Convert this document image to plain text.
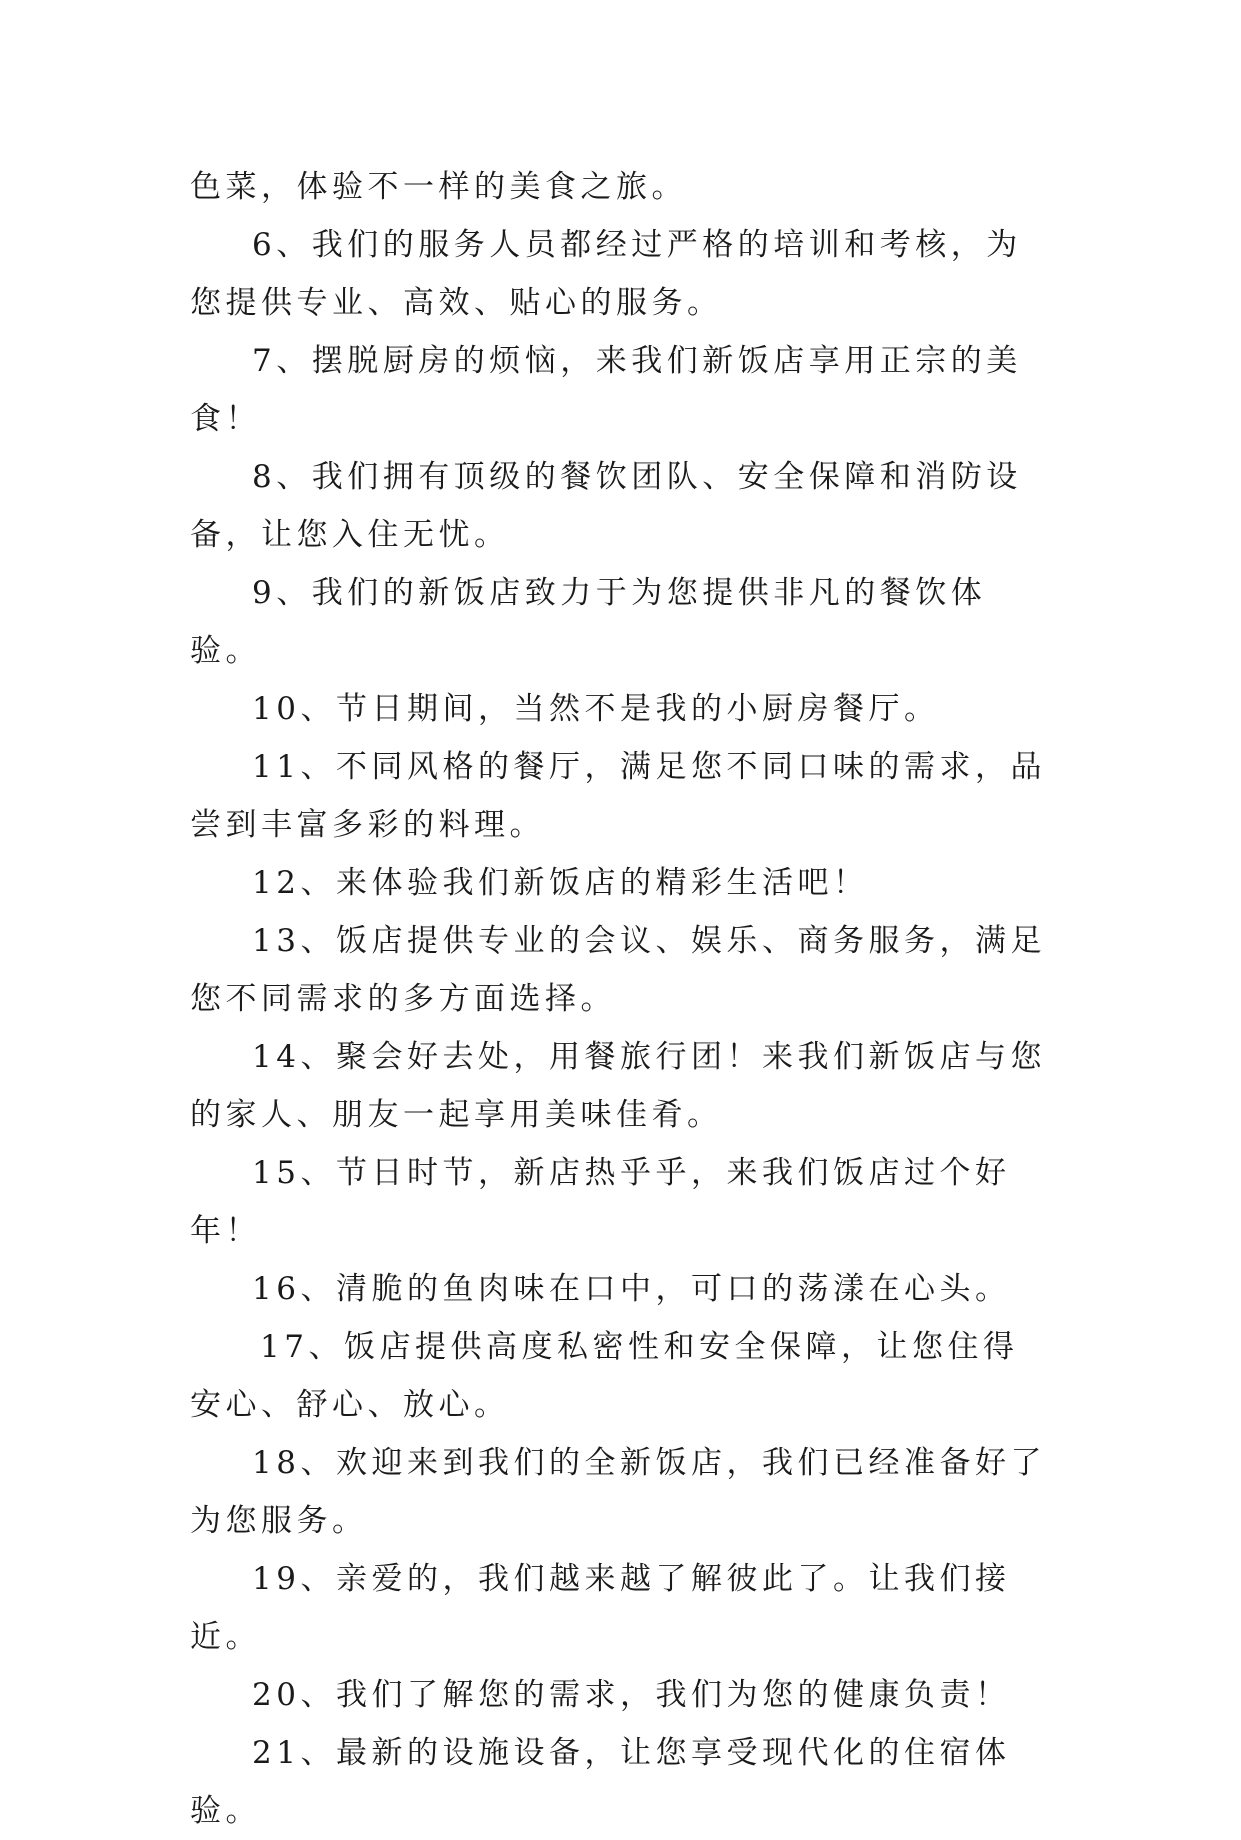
色菜，体验不一样的美食之旅。

6、我们的服务人员都经过严格的培训和考核，为您提供专业、高效、贴心的服务。

7、摆脱厨房的烦恼，来我们新饭店享用正宗的美食！

8、我们拥有顶级的餐饮团队、安全保障和消防设备，让您入住无忧。

9、我们的新饭店致力于为您提供非凡的餐饮体验。

10、节日期间，当然不是我的小厨房餐厅。

11、不同风格的餐厅，满足您不同口味的需求，品尝到丰富多彩的料理。

12、来体验我们新饭店的精彩生活吧！

13、饭店提供专业的会议、娱乐、商务服务，满足您不同需求的多方面选择。

14、聚会好去处，用餐旅行团！来我们新饭店与您的家人、朋友一起享用美味佳肴。

15、节日时节，新店热乎乎，来我们饭店过个好年！

16、清脆的鱼肉味在口中，可口的荡漾在心头。

17、饭店提供高度私密性和安全保障，让您住得安心、舒心、放心。

18、欢迎来到我们的全新饭店，我们已经准备好了为您服务。

19、亲爱的，我们越来越了解彼此了。让我们接近。

20、我们了解您的需求，我们为您的健康负责！

21、最新的设施设备，让您享受现代化的住宿体验。
